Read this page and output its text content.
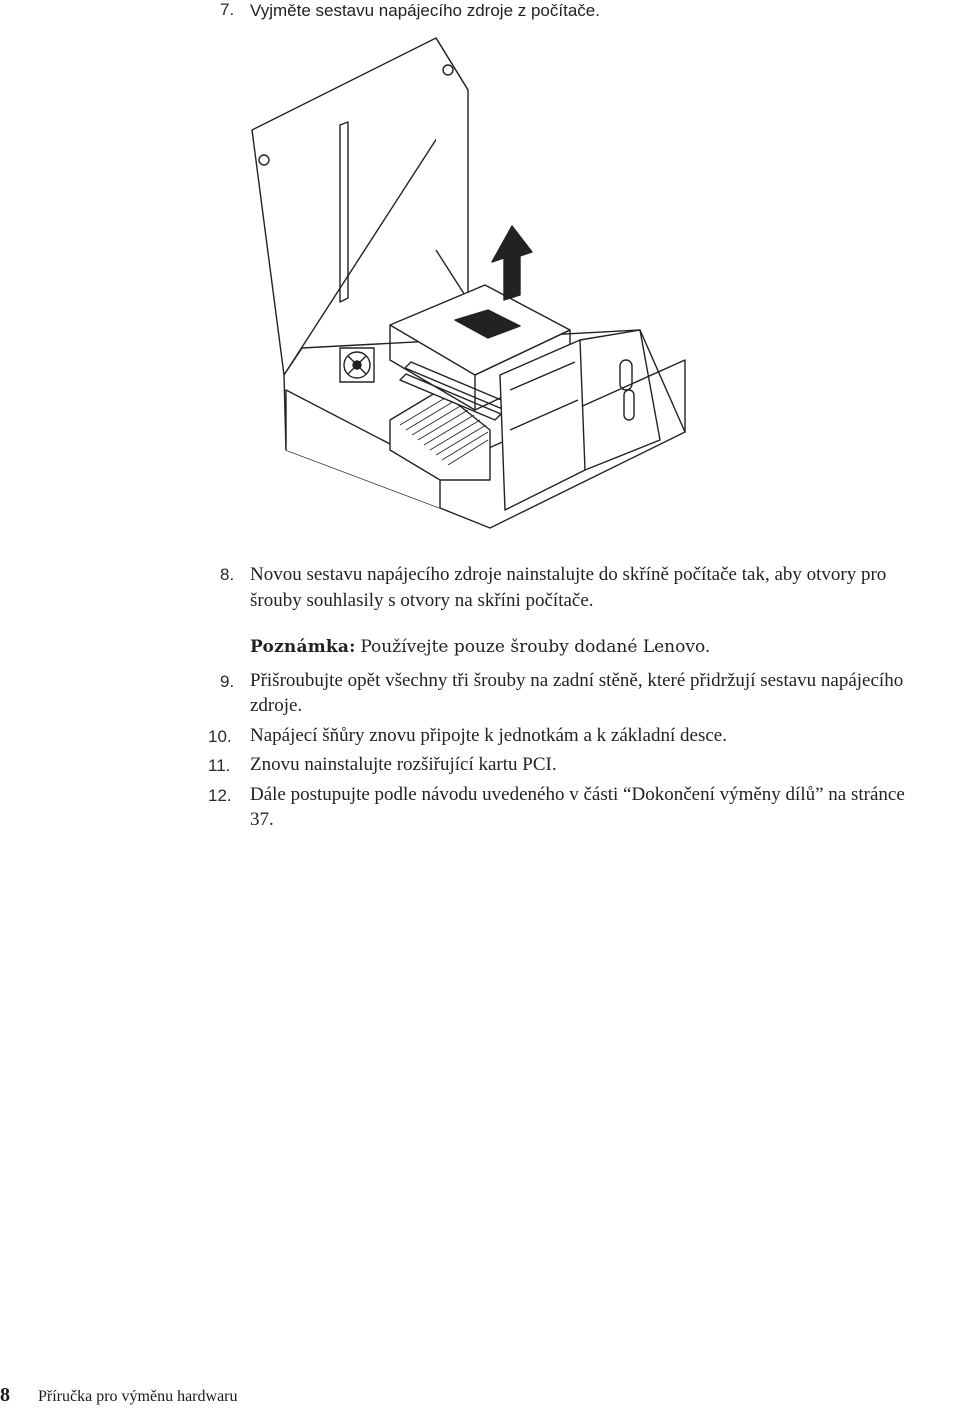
7. Vyjměte sestavu napájecího zdroje z počítače.
8. Novou sestavu napájecího zdroje nainstalujte do skříně počítače tak, aby otvory pro
šrouby souhlasily s otvory na skříni počítače.
Poznámka: Používejte pouze šrouby dodané Lenovo.
9. Přišroubujte opět všechny tři šrouby na zadní stěně, které přidržují sestavu napájecího
zdroje.
10. Napájecí šňůry znovu připojte k jednotkám a k základní desce.
11. Znovu nainstalujte rozšiřující kartu PCI.
12. Dále postupujte podle návodu uvedeného v části “Dokončení výměny dílů” na stránce
37.
8 Příručka pro výměnu hardwaru
